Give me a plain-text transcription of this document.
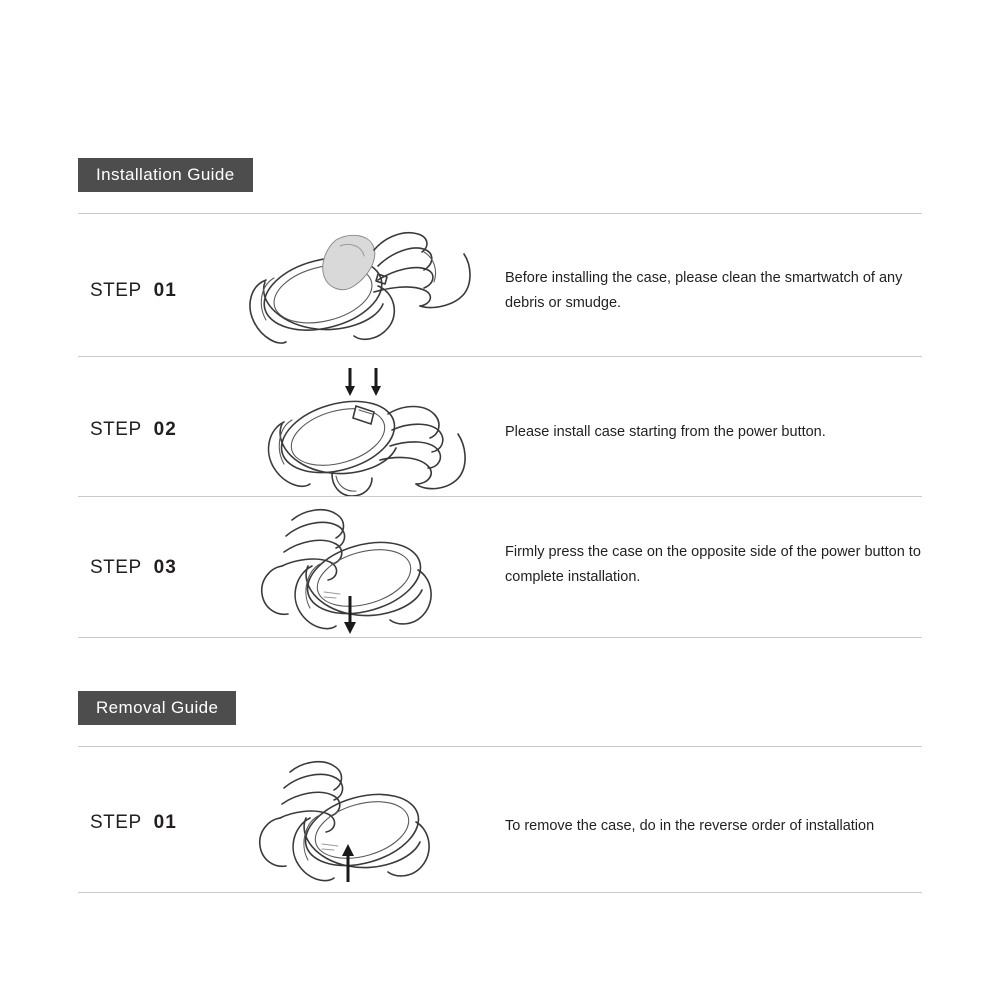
Installation Guide
STEP 01
Before installing the case, please clean the smartwatch of any debris or smudge.
STEP 02	Please install case starting from the power button.
STEP 03
Firmly press the case on the opposite side of the power button to complete installation.
Removal Guide
STEP 01	To remove the case, do in the reverse order of installation
